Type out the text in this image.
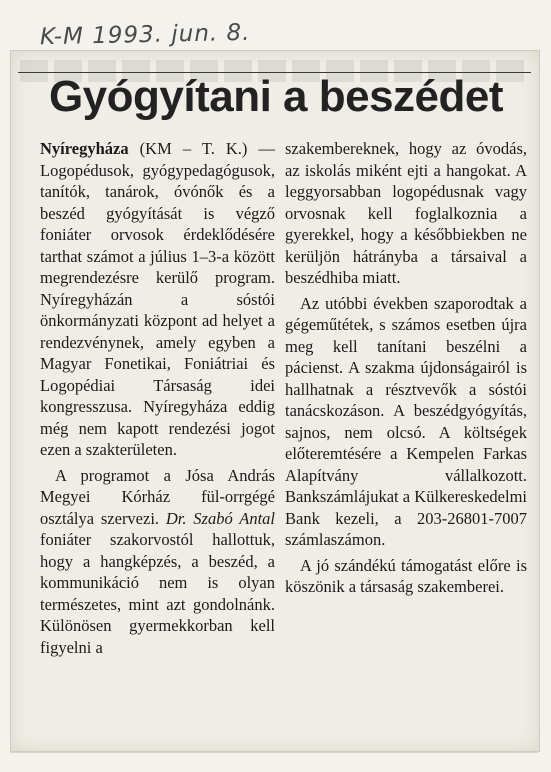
K-M 1993. jun. 8.
Gyógyítani a beszédet

Nyíregyháza (KM – T. K.) — Logopédusok, gyógypedagógusok, tanítók, tanárok, óvónők és a beszéd gyógyítását is végző foniáter orvosok érdeklődésére tarthat számot a július 1–3-a között megrendezésre kerülő program. Nyíregyházán a sóstói önkormányzati központ ad helyet a rendezvénynek, amely egyben a Magyar Fonetikai, Foniátriai és Logopédiai Társaság idei kongresszusa. Nyíregyháza eddig még nem kapott rendezési jogot ezen a szakterületen.

A programot a Jósa András Megyei Kórház fül-orrgégé osztálya szervezi. Dr. Szabó Antal foniáter szakorvostól hallottuk, hogy a hangképzés, a beszéd, a kommunikáció nem is olyan természetes, mint azt gondolnánk. Különösen gyermekkorban kell figyelni a

szakembereknek, hogy az óvodás, az iskolás miként ejti a hangokat. A leggyorsabban logopédusnak vagy orvosnak kell foglalkoznia a gyerekkel, hogy a későbbiekben ne kerüljön hátrányba a társaival a beszédhiba miatt.

Az utóbbi években szaporodtak a gégeműtétek, s számos esetben újra meg kell tanítani beszélni a pácienst. A szakma újdonságairól is hallhatnak a résztvevők a sóstói tanácskozáson. A beszédgyógyítás, sajnos, nem olcsó. A költségek előteremtésére a Kempelen Farkas Alapítvány vállalkozott. Bankszámlájukat a Külkereskedelmi Bank kezeli, a 203-26801-7007 számlaszámon.

A jó szándékú támogatást előre is köszönik a társaság szakemberei.
